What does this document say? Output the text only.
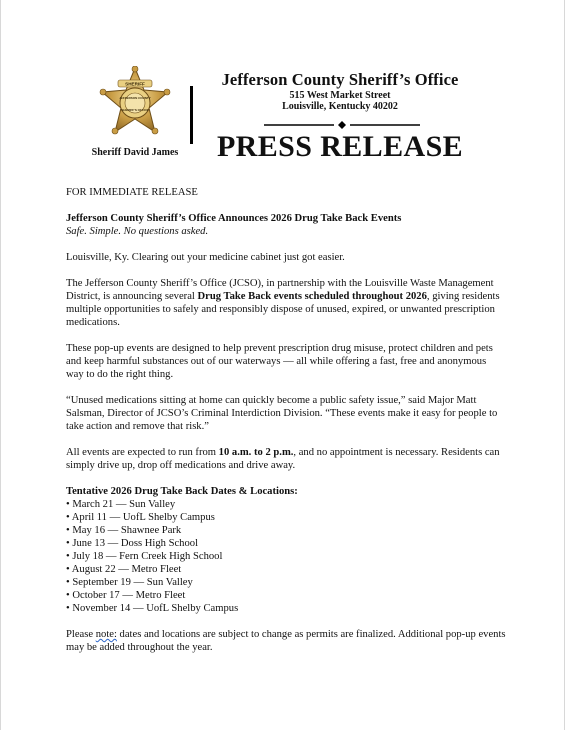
SHERIFF
JEFFERSON COUNTY
SHERIFF'S OFFICE
Sheriff David James
Jefferson County Sheriff’s Office
515 West Market Street
Louisville, Kentucky 40202
PRESS RELEASE

FOR IMMEDIATE RELEASE

Jefferson County Sheriff’s Office Announces 2026 Drug Take Back Events

Safe. Simple. No questions asked.

Louisville, Ky. Clearing out your medicine cabinet just got easier.

The Jefferson County Sheriff’s Office (JCSO), in partnership with the Louisville Waste Management District, is announcing several Drug Take Back events scheduled throughout 2026, giving residents multiple opportunities to safely and responsibly dispose of unused, expired, or unwanted prescription medications.

These pop-up events are designed to help prevent prescription drug misuse, protect children and pets and keep harmful substances out of our waterways — all while offering a fast, free and anonymous way to do the right thing.

“Unused medications sitting at home can quickly become a public safety issue,” said Major Matt Salsman, Director of JCSO’s Criminal Interdiction Division. “These events make it easy for people to take action and remove that risk.”

All events are expected to run from 10 a.m. to 2 p.m., and no appointment is necessary. Residents can simply drive up, drop off medications and drive away.

Tentative 2026 Drug Take Back Dates & Locations:

• March 21 — Sun Valley
• April 11 — UofL Shelby Campus
• May 16 — Shawnee Park
• June 13 — Doss High School
• July 18 — Fern Creek High School
• August 22 — Metro Fleet
• September 19 — Sun Valley
• October 17 — Metro Fleet
• November 14 — UofL Shelby Campus

Please note: dates and locations are subject to change as permits are finalized. Additional pop-up events may be added throughout the year.
